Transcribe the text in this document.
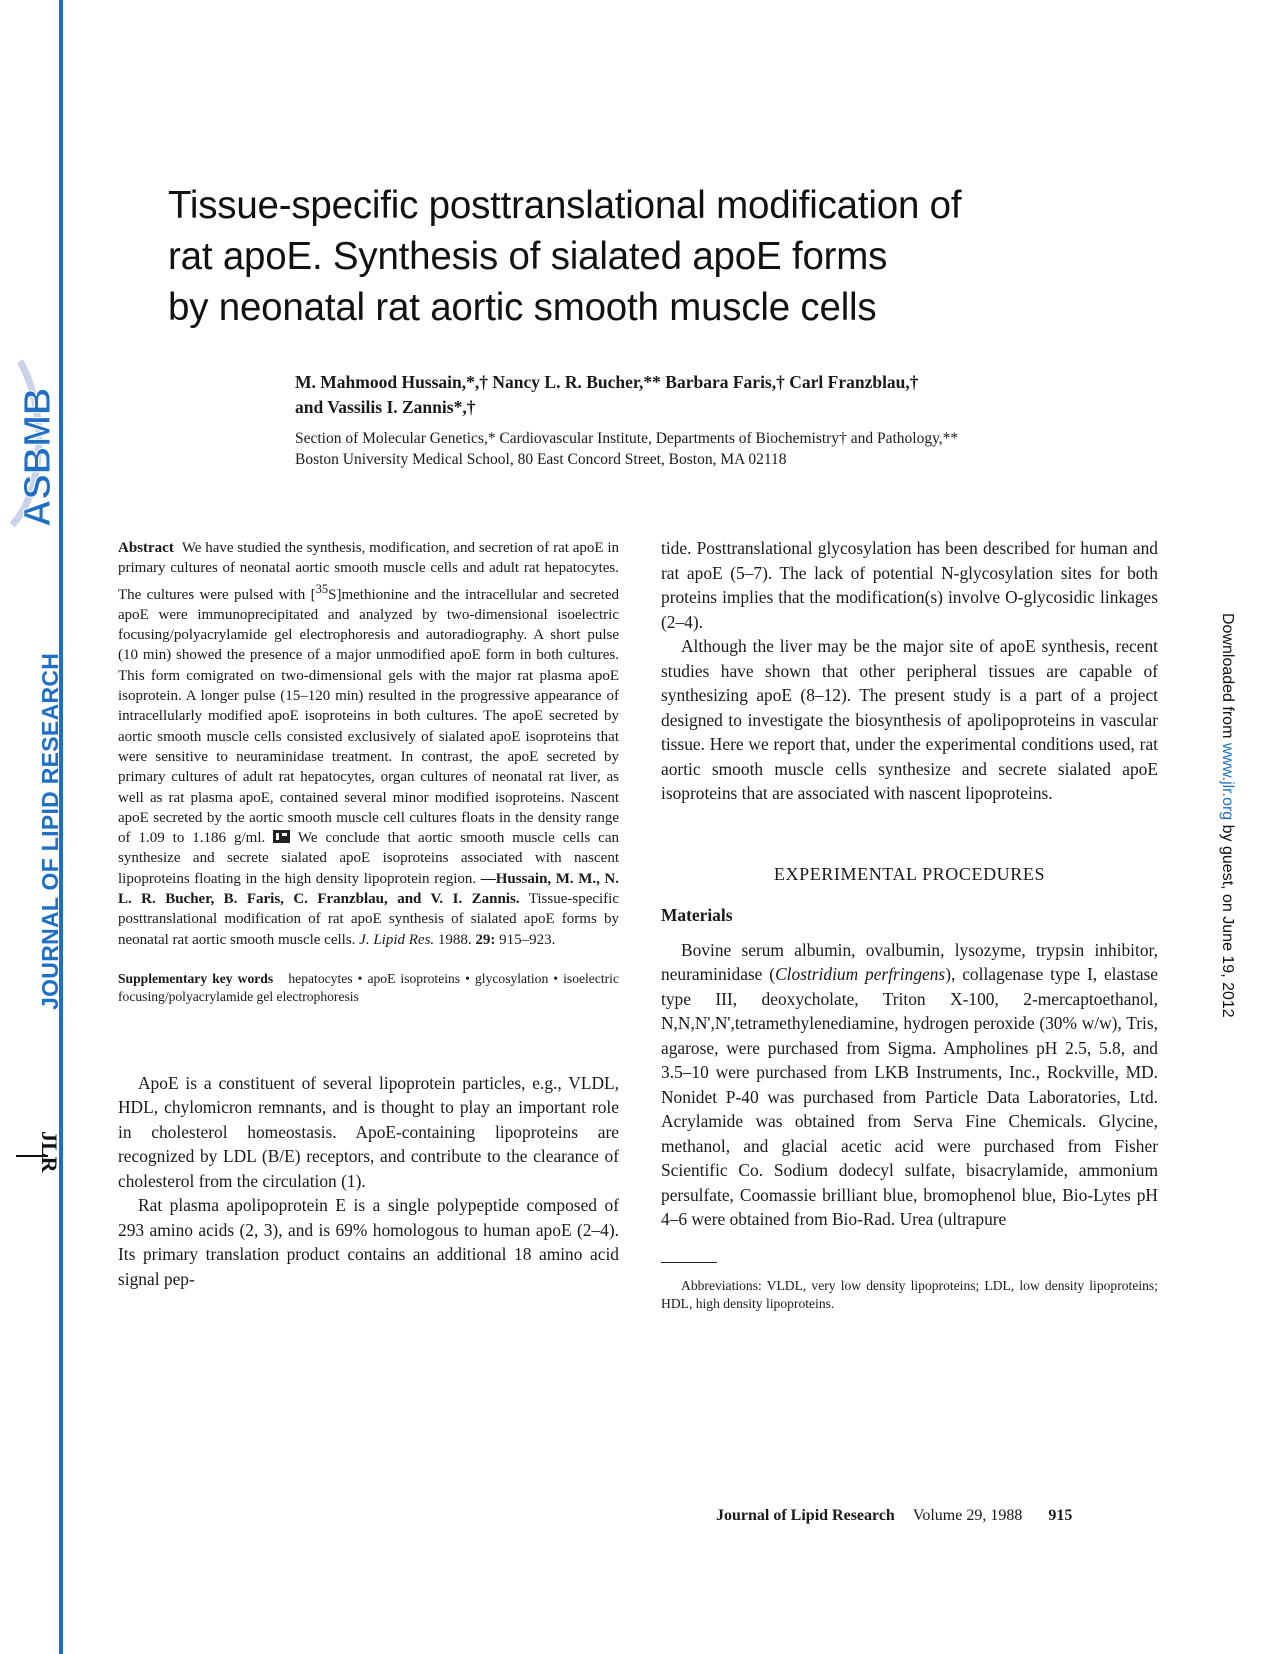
ASBMB
JOURNAL OF LIPID RESEARCH
JLR
Downloaded from www.jlr.org by guest, on June 19, 2012
Tissue-specific posttranslational modification of
rat apoE. Synthesis of sialated apoE forms
by neonatal rat aortic smooth muscle cells
M. Mahmood Hussain,*,† Nancy L. R. Bucher,** Barbara Faris,† Carl Franzblau,†
and Vassilis I. Zannis*,†
Section of Molecular Genetics,* Cardiovascular Institute, Departments of Biochemistry† and Pathology,**
Boston University Medical School, 80 East Concord Street, Boston, MA 02118
Abstract We have studied the synthesis, modification, and secretion of rat apoE in primary cultures of neonatal aortic smooth muscle cells and adult rat hepatocytes. The cultures were pulsed with [$^{35}$S]methionine and the intracellular and secreted apoE were immunoprecipitated and analyzed by two-dimensional isoelectric focusing/polyacrylamide gel electrophoresis and autoradiography. A short pulse (10 min) showed the presence of a major unmodified apoE form in both cultures. This form comigrated on two-dimensional gels with the major rat plasma apoE isoprotein. A longer pulse (15–120 min) resulted in the progressive appearance of intracellularly modified apoE isoproteins in both cultures. The apoE secreted by aortic smooth muscle cells consisted exclusively of sialated apoE isoproteins that were sensitive to neuraminidase treatment. In contrast, the apoE secreted by primary cultures of adult rat hepatocytes, organ cultures of neonatal rat liver, as well as rat plasma apoE, contained several minor modified isoproteins. Nascent apoE secreted by the aortic smooth muscle cell cultures floats in the density range of 1.09 to 1.186 g/ml.  We conclude that aortic smooth muscle cells can synthesize and secrete sialated apoE isoproteins associated with nascent lipoproteins floating in the high density lipoprotein region. —Hussain, M. M., N. L. R. Bucher, B. Faris, C. Franzblau, and V. I. Zannis. Tissue-specific posttranslational modification of rat apoE synthesis of sialated apoE forms by neonatal rat aortic smooth muscle cells. J. Lipid Res. 1988. 29: 915–923.
Supplementary key words hepatocytes • apoE isoproteins • glycosylation • isoelectric focusing/polyacrylamide gel electrophoresis

ApoE is a constituent of several lipoprotein particles, e.g., VLDL, HDL, chylomicron remnants, and is thought to play an important role in cholesterol homeostasis. ApoE-containing lipoproteins are recognized by LDL (B/E) receptors, and contribute to the clearance of cholesterol from the circulation (1).

Rat plasma apolipoprotein E is a single polypeptide composed of 293 amino acids (2, 3), and is 69% homologous to human apoE (2–4). Its primary translation product contains an additional 18 amino acid signal pep-

tide. Posttranslational glycosylation has been described for human and rat apoE (5–7). The lack of potential N-glycosylation sites for both proteins implies that the modification(s) involve O-glycosidic linkages (2–4).

Although the liver may be the major site of apoE synthesis, recent studies have shown that other peripheral tissues are capable of synthesizing apoE (8–12). The present study is a part of a project designed to investigate the biosynthesis of apolipoproteins in vascular tissue. Here we report that, under the experimental conditions used, rat aortic smooth muscle cells synthesize and secrete sialated apoE isoproteins that are associated with nascent lipoproteins.

EXPERIMENTAL PROCEDURES
Materials

Bovine serum albumin, ovalbumin, lysozyme, trypsin inhibitor, neuraminidase (Clostridium perfringens), collagenase type I, elastase type III, deoxycholate, Triton X-100, 2-mercaptoethanol, N,N,N',N',tetramethylenediamine, hydrogen peroxide (30% w/w), Tris, agarose, were purchased from Sigma. Ampholines pH 2.5, 5.8, and 3.5–10 were purchased from LKB Instruments, Inc., Rockville, MD. Nonidet P-40 was purchased from Particle Data Laboratories, Ltd. Acrylamide was obtained from Serva Fine Chemicals. Glycine, methanol, and glacial acetic acid were purchased from Fisher Scientific Co. Sodium dodecyl sulfate, bisacrylamide, ammonium persulfate, Coomassie brilliant blue, bromophenol blue, Bio-Lytes pH 4–6 were obtained from Bio-Rad. Urea (ultrapure

Abbreviations: VLDL, very low density lipoproteins; LDL, low density lipoproteins; HDL, high density lipoproteins.
Journal of Lipid Research Volume 29, 1988 915
